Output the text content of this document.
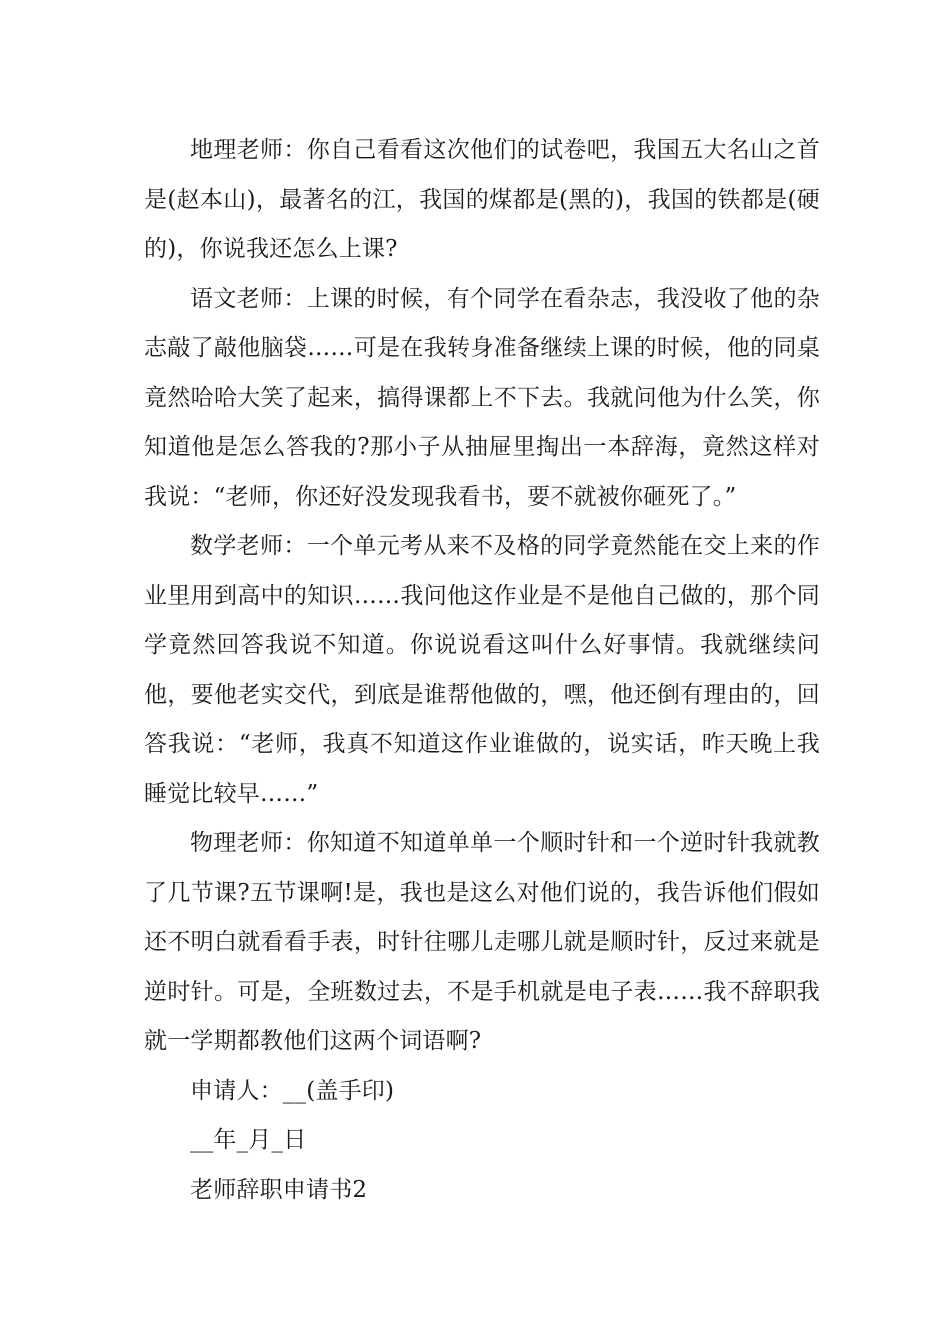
地理老师：你自己看看这次他们的试卷吧，我国五大名山之首是(赵本山)，最著名的江，我国的煤都是(黑的)，我国的铁都是(硬的)，你说我还怎么上课?

语文老师：上课的时候，有个同学在看杂志，我没收了他的杂志敲了敲他脑袋……可是在我转身准备继续上课的时候，他的同桌竟然哈哈大笑了起来，搞得课都上不下去。我就问他为什么笑，你知道他是怎么答我的?那小子从抽屉里掏出一本辞海，竟然这样对我说：“老师，你还好没发现我看书，要不就被你砸死了。”

数学老师：一个单元考从来不及格的同学竟然能在交上来的作业里用到高中的知识……我问他这作业是不是他自己做的，那个同学竟然回答我说不知道。你说说看这叫什么好事情。我就继续问他，要他老实交代，到底是谁帮他做的，嘿，他还倒有理由的，回答我说：“老师，我真不知道这作业谁做的，说实话，昨天晚上我睡觉比较早……”

物理老师：你知道不知道单单一个顺时针和一个逆时针我就教了几节课?五节课啊!是，我也是这么对他们说的，我告诉他们假如还不明白就看看手表，时针往哪儿走哪儿就是顺时针，反过来就是逆时针。可是，全班数过去，不是手机就是电子表……我不辞职我就一学期都教他们这两个词语啊?

申请人：__(盖手印)

__年_月_日

老师辞职申请书2
